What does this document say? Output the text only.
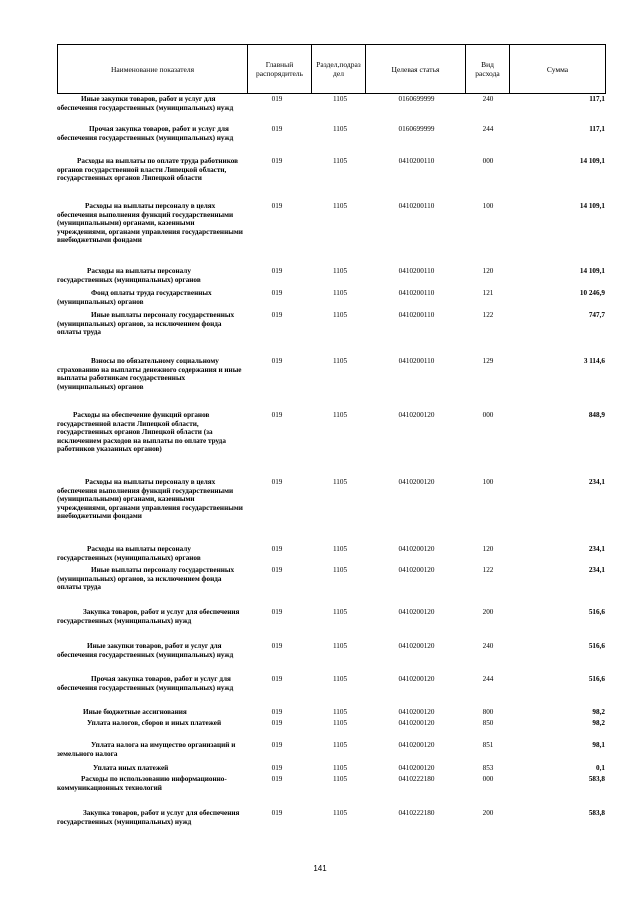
Наименование показателя	Главный распорядитель	Раздел,подраз дел	Целевая статья	Вид расхода	Сумма
Иные закупки товаров, работ и услуг для обеспечения государственных (муниципальных) нужд
019	1105	0160699999	240	117,1
Прочая закупка товаров, работ и услуг для обеспечения государственных (муниципальных) нужд
019	1105	0160699999	244	117,1
Расходы на выплаты по оплате труда работников органов государственной власти Липецкой области, государственных органов Липецкой области
019	1105	0410200110	000	14 109,1
Расходы на выплаты персоналу в целях обеспечения выполнения функций государственными (муниципальными) органами, казенными учреждениями, органами управления государственными внебюджетными фондами
019	1105	0410200110	100	14 109,1
Расходы на выплаты персоналу государственных (муниципальных) органов
019	1105	0410200110	120	14 109,1
Фонд оплаты труда государственных (муниципальных) органов
019	1105	0410200110	121	10 246,9
Иные выплаты персоналу государственных (муниципальных) органов, за исключением фонда оплаты труда
019	1105	0410200110	122	747,7
Взносы по обязательному социальному страхованию на выплаты денежного содержания и иные выплаты работникам государственных (муниципальных) органов
019	1105	0410200110	129	3 114,6
Расходы на обеспечение функций органов государственной власти Липецкой области, государственных органов Липецкой области (за исключением расходов на выплаты по оплате труда работников указанных органов)
019	1105	0410200120	000	848,9
Расходы на выплаты персоналу в целях обеспечения выполнения функций государственными (муниципальными) органами, казенными учреждениями, органами управления государственными внебюджетными фондами
019	1105	0410200120	100	234,1
Расходы на выплаты персоналу государственных (муниципальных) органов
019	1105	0410200120	120	234,1
Иные выплаты персоналу государственных (муниципальных) органов, за исключением фонда оплаты труда
019	1105	0410200120	122	234,1
Закупка товаров, работ и услуг для обеспечения государственных (муниципальных) нужд
019	1105	0410200120	200	516,6
Иные закупки товаров, работ и услуг для обеспечения государственных (муниципальных) нужд
019	1105	0410200120	240	516,6
Прочая закупка товаров, работ и услуг для обеспечения государственных (муниципальных) нужд
019	1105	0410200120	244	516,6
Иные бюджетные ассигнования	019	1105	0410200120	800	98,2
Уплата налогов, сборов и иных платежей	019	1105	0410200120	850	98,2
Уплата налога на имущество организаций и земельного налога
019	1105	0410200120	851	98,1
Уплата иных платежей	019	1105	0410200120	853	0,1
Расходы по использованию информационно-коммуникационных технологий
019	1105	0410222180	000	583,8
Закупка товаров, работ и услуг для обеспечения государственных (муниципальных) нужд
019	1105	0410222180	200	583,8
141
